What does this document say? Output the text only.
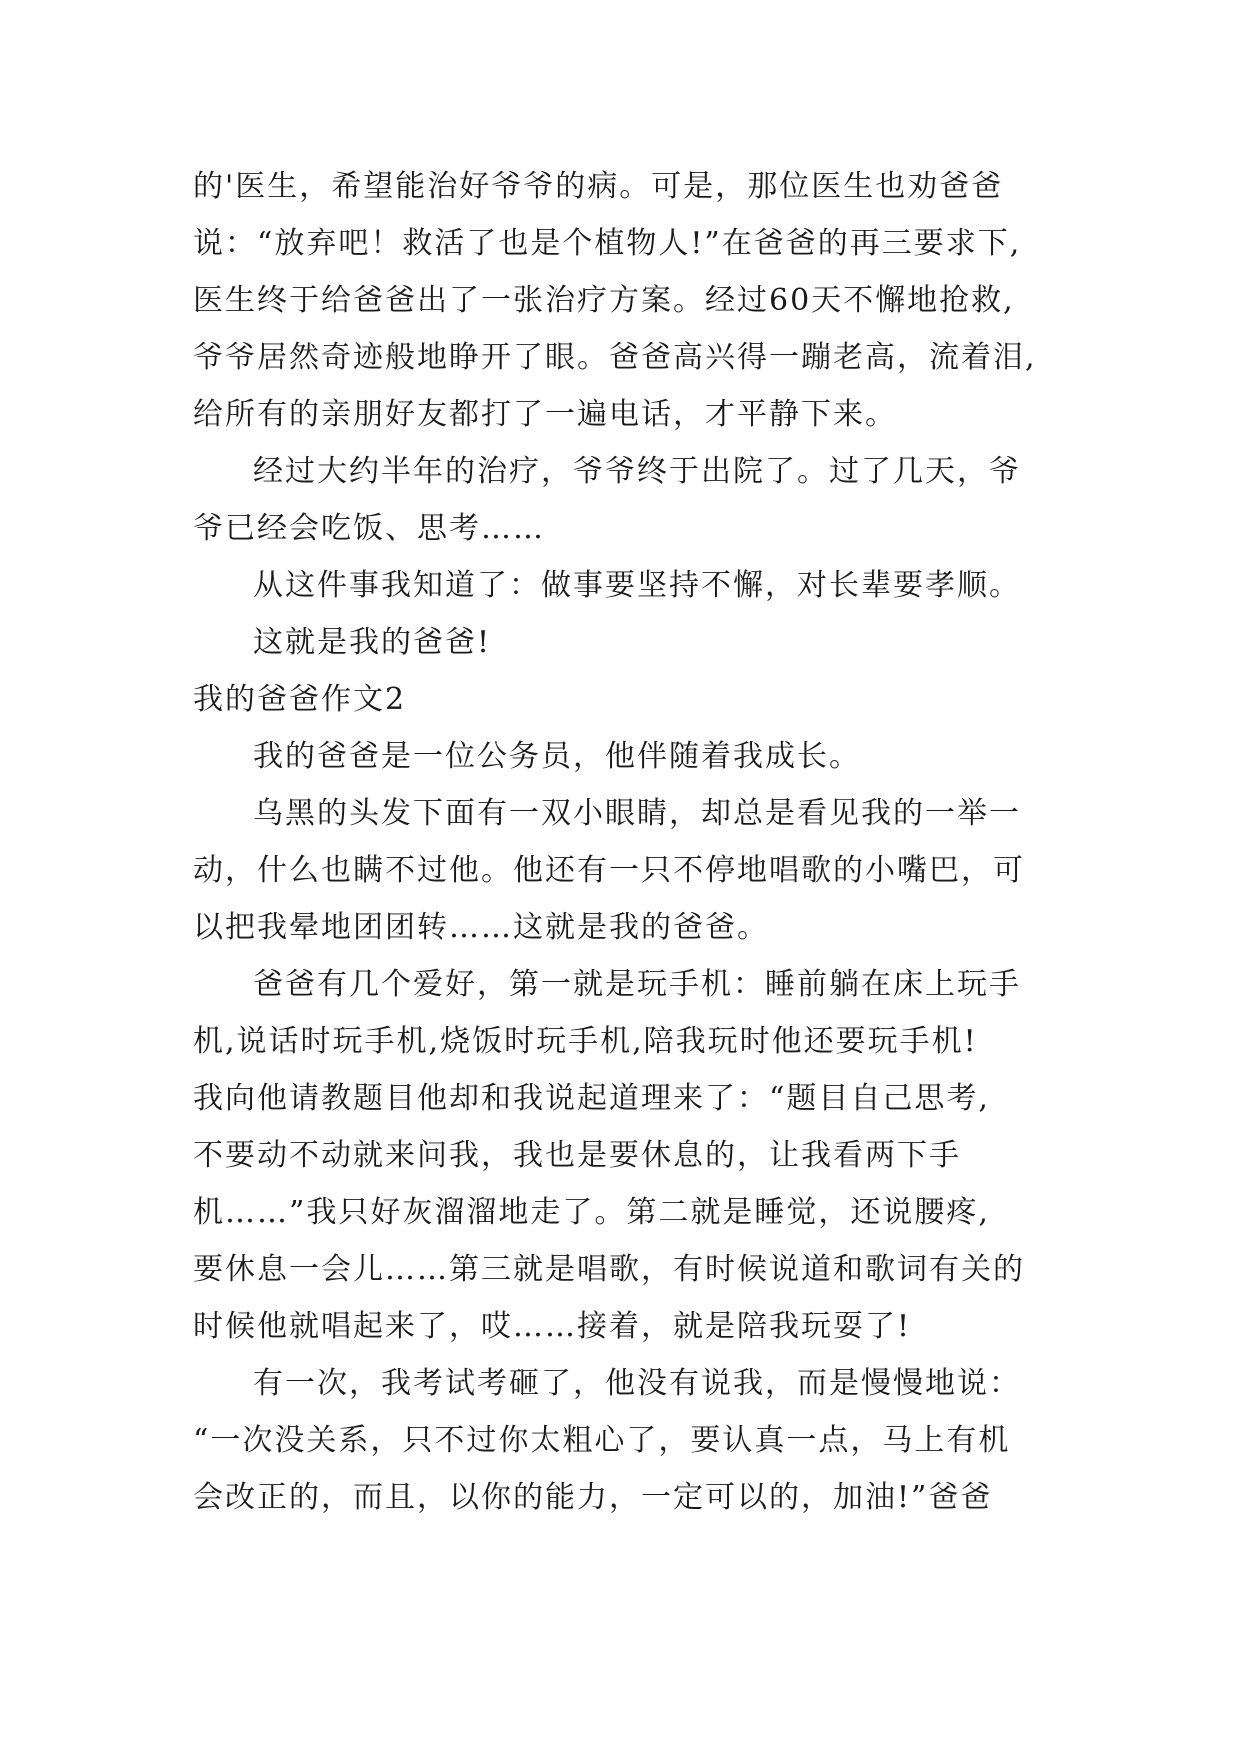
的'医生，希望能治好爷爷的病。可是，那位医生也劝爸爸
说：“放弃吧！救活了也是个植物人!”在爸爸的再三要求下,
医生终于给爸爸出了一张治疗方案。经过60天不懈地抢救,
爷爷居然奇迹般地睁开了眼。爸爸高兴得一蹦老高，流着泪,
给所有的亲朋好友都打了一遍电话，才平静下来。
经过大约半年的治疗，爷爷终于出院了。过了几天，爷
爷已经会吃饭、思考……
从这件事我知道了：做事要坚持不懈，对长辈要孝顺。
这就是我的爸爸!
我的爸爸作文2
我的爸爸是一位公务员，他伴随着我成长。
乌黑的头发下面有一双小眼睛，却总是看见我的一举一
动，什么也瞒不过他。他还有一只不停地唱歌的小嘴巴，可
以把我晕地团团转……这就是我的爸爸。
爸爸有几个爱好，第一就是玩手机：睡前躺在床上玩手
机,说话时玩手机,烧饭时玩手机,陪我玩时他还要玩手机!
我向他请教题目他却和我说起道理来了：“题目自己思考,
不要动不动就来问我，我也是要休息的，让我看两下手
机……”我只好灰溜溜地走了。第二就是睡觉，还说腰疼,
要休息一会儿……第三就是唱歌，有时候说道和歌词有关的
时候他就唱起来了，哎……接着，就是陪我玩耍了!
有一次，我考试考砸了，他没有说我，而是慢慢地说：
“一次没关系，只不过你太粗心了，要认真一点，马上有机
会改正的，而且，以你的能力，一定可以的，加油!”爸爸
